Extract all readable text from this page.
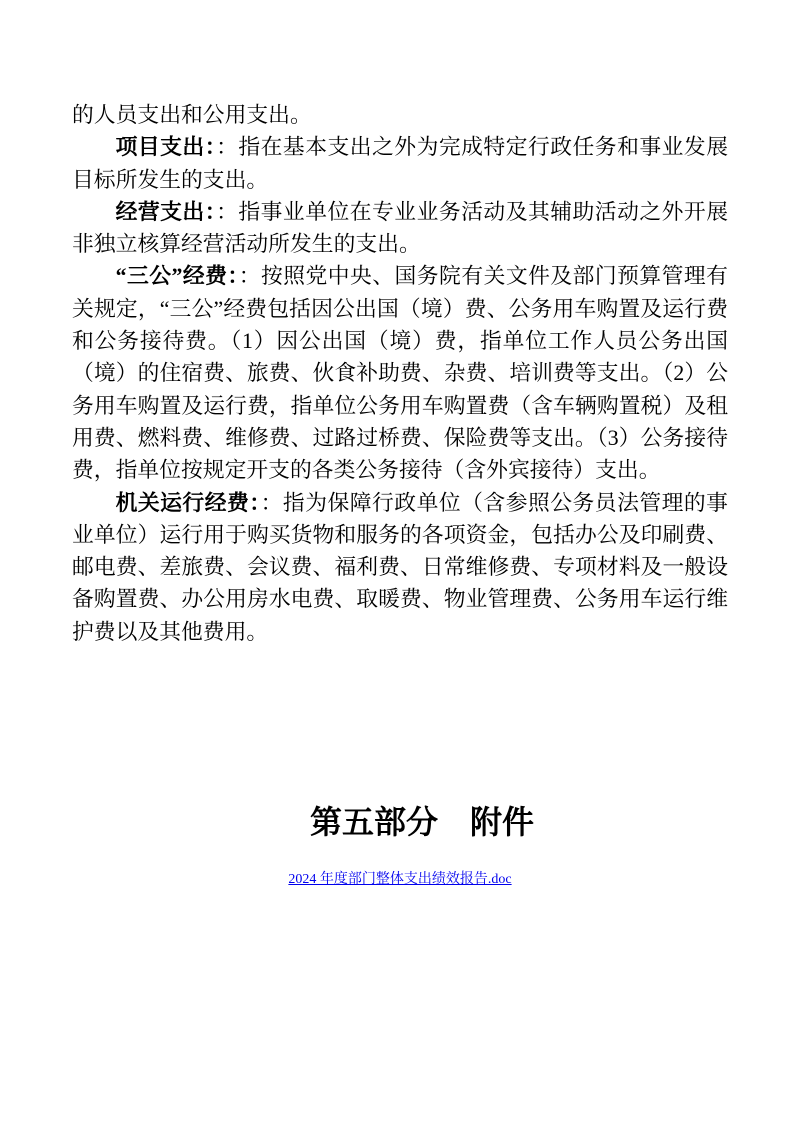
的人员支出和公用支出。

项目支出：：指在基本支出之外为完成特定行政任务和事业发展目标所发生的支出。

经营支出：：指事业单位在专业业务活动及其辅助活动之外开展非独立核算经营活动所发生的支出。

“三公”经费：：按照党中央、国务院有关文件及部门预算管理有关规定，“三公”经费包括因公出国（境）费、公务用车购置及运行费和公务接待费。（1）因公出国（境）费，指单位工作人员公务出国（境）的住宿费、旅费、伙食补助费、杂费、培训费等支出。（2）公务用车购置及运行费，指单位公务用车购置费（含车辆购置税）及租用费、燃料费、维修费、过路过桥费、保险费等支出。（3）公务接待费，指单位按规定开支的各类公务接待（含外宾接待）支出。

机关运行经费：：指为保障行政单位（含参照公务员法管理的事业单位）运行用于购买货物和服务的各项资金，包括办公及印刷费、邮电费、差旅费、会议费、福利费、日常维修费、专项材料及一般设备购置费、办公用房水电费、取暖费、物业管理费、公务用车运行维护费以及其他费用。

第五部分　附件
2024 年度部门整体支出绩效报告.doc
